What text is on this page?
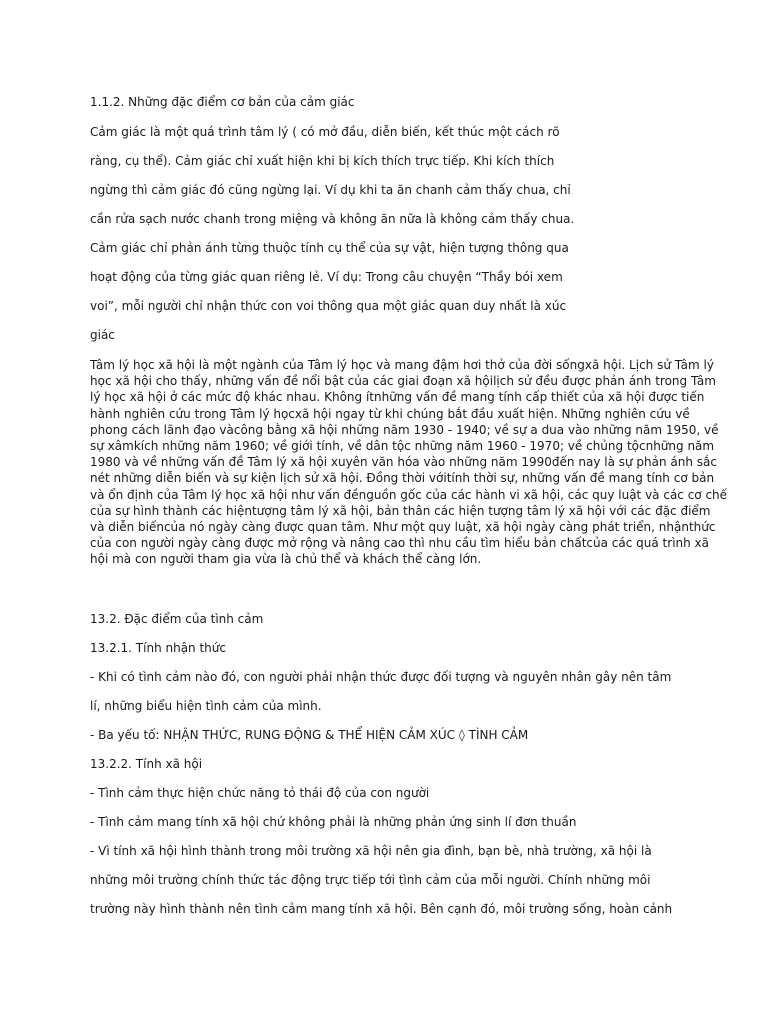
1.1.2. Những đặc điểm cơ bản của cảm giác
Cảm giác là một quá trình tâm lý ( có mở đầu, diễn biến, kết thúc một cách rõ
ràng, cụ thể). Cảm giác chỉ xuất hiện khi bị kích thích trực tiếp. Khi kích thích
ngừng thì cảm giác đó cũng ngừng lại. Ví dụ khi ta ăn chanh cảm thấy chua, chỉ
cần rửa sạch nước chanh trong miệng và không ăn nữa là không cảm thấy chua.
Cảm giác chỉ phản ánh từng thuộc tính cụ thể của sự vật, hiện tượng thông qua
hoạt động của từng giác quan riêng lẻ. Ví dụ: Trong câu chuyện “Thầy bói xem
voi”, mỗi người chỉ nhận thức con voi thông qua một giác quan duy nhất là xúc
giác
Tâm lý học xã hội là một ngành của Tâm lý học và mang đậm hơi thở của đời sốngxã hội. Lịch sử Tâm lý
học xã hội cho thấy, những vấn đề nổi bật của các giai đoạn xã hộilịch sử đều được phản ánh trong Tâm
lý học xã hội ở các mức độ khác nhau. Không ítnhững vấn đề mang tính cấp thiết của xã hội được tiến
hành nghiên cứu trong Tâm lý họcxã hội ngay từ khi chúng bắt đầu xuất hiện. Những nghiên cứu về
phong cách lãnh đạo vàcông bằng xã hội những năm 1930 - 1940; về sự a dua vào những năm 1950, về
sự xâmkích những năm 1960; về giới tính, về dân tộc những năm 1960 - 1970; về chủng tộcnhững năm
1980 và về những vấn đề Tâm lý xã hội xuyên văn hóa vào những năm 1990đến nay là sự phản ánh sắc
nét những diễn biến và sự kiện lịch sử xã hội. Đồng thời vớitính thời sự, những vấn đề mang tính cơ bản
và ổn định của Tâm lý học xã hội như vấn đềnguồn gốc của các hành vi xã hội, các quy luật và các cơ chế
của sự hình thành các hiệntượng tâm lý xã hội, bản thân các hiện tượng tâm lý xã hội với các đặc điểm
và diễn biếncủa nó ngày càng được quan tâm. Như một quy luật, xã hội ngày càng phát triển, nhậnthức
của con người ngày càng được mở rộng và nâng cao thì nhu cầu tìm hiểu bản chấtcủa các quá trình xã
hội mà con người tham gia vừa là chủ thể và khách thể càng lớn.
13.2. Đặc điểm của tình cảm
13.2.1. Tính nhận thức
- Khi có tình cảm nào đó, con người phải nhận thức được đối tượng và nguyên nhân gây nên tâm
lí, những biểu hiện tình cảm của mình.
- Ba yếu tố: NHẬN THỨC, RUNG ĐỘNG & THỂ HIỆN CẢM XÚC ◊ TÌNH CẢM
13.2.2. Tính xã hội
- Tình cảm thực hiện chức năng tỏ thái độ của con người
- Tình cảm mang tính xã hội chứ không phải là những phản ứng sinh lí đơn thuần
- Vì tính xã hội hình thành trong môi trường xã hội nên gia đình, bạn bè, nhà trường, xã hội là
những môi trường chính thức tác động trực tiếp tới tình cảm của mỗi người. Chính những môi
trường này hình thành nên tình cảm mang tính xã hội. Bên cạnh đó, môi trường sống, hoàn cảnh
